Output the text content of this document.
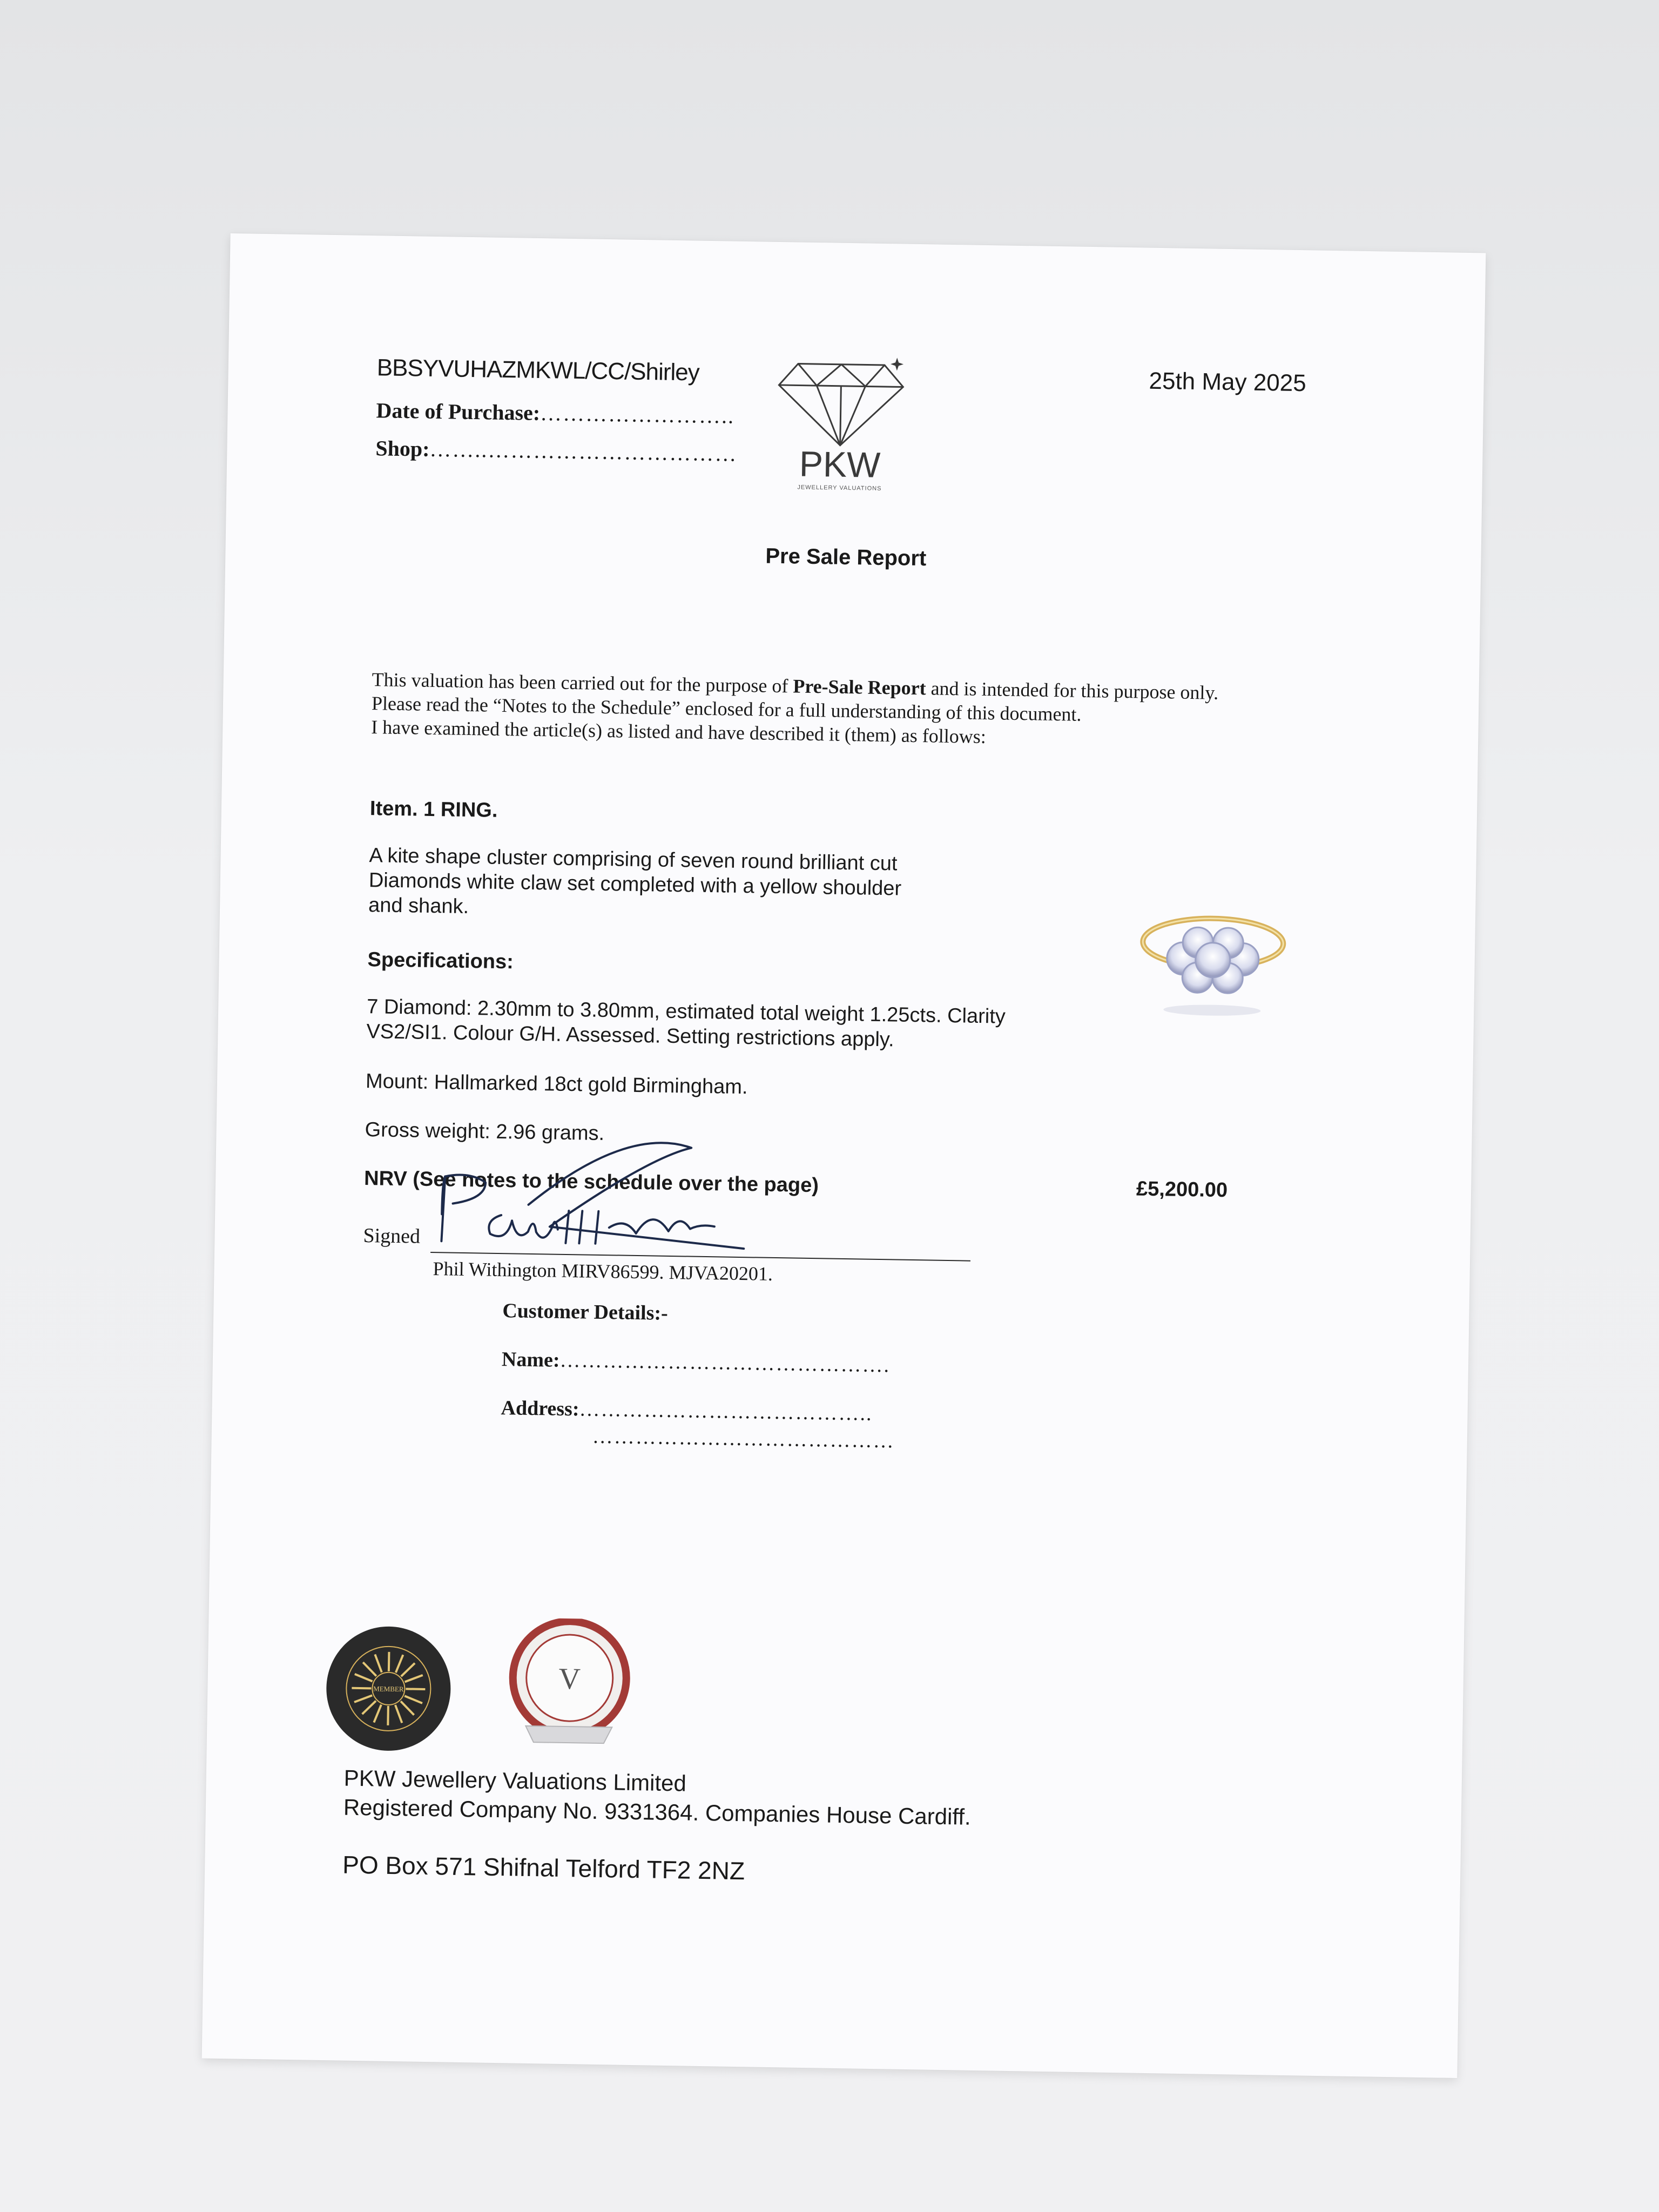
BBSYVUHAZMKWL/CC/Shirley	25th May 2025
Date of Purchase:……………………..
Shop:……..…………………………… PKW
JEWELLERY VALUATIONS
Pre Sale Report
This valuation has been carried out for the purpose of Pre-Sale Report and is intended for this purpose only.
Please read the “Notes to the Schedule” enclosed for a full understanding of this document.
I have examined the article(s) as listed and have described it (them) as follows:
Item. 1 RING.
A kite shape cluster comprising of seven round brilliant cut Diamonds white claw set completed with a yellow shoulder and shank.
Specifications:
7 Diamond: 2.30mm to 3.80mm, estimated total weight 1.25cts. Clarity VS2/SI1. Colour G/H. Assessed. Setting restrictions apply.
Mount: Hallmarked 18ct gold Birmingham.
Gross weight: 2.96 grams.
NRV (See notes to the schedule over the page)	£5,200.00
Signed
Phil Withington MIRV86599. MJVA20201.
Customer Details:-
Name:……………………………………….
Address:…………………………………..
……………………………………
MEMBER	V
PKW Jewellery Valuations Limited
Registered Company No. 9331364. Companies House Cardiff.
PO Box 571 Shifnal Telford TF2 2NZ
